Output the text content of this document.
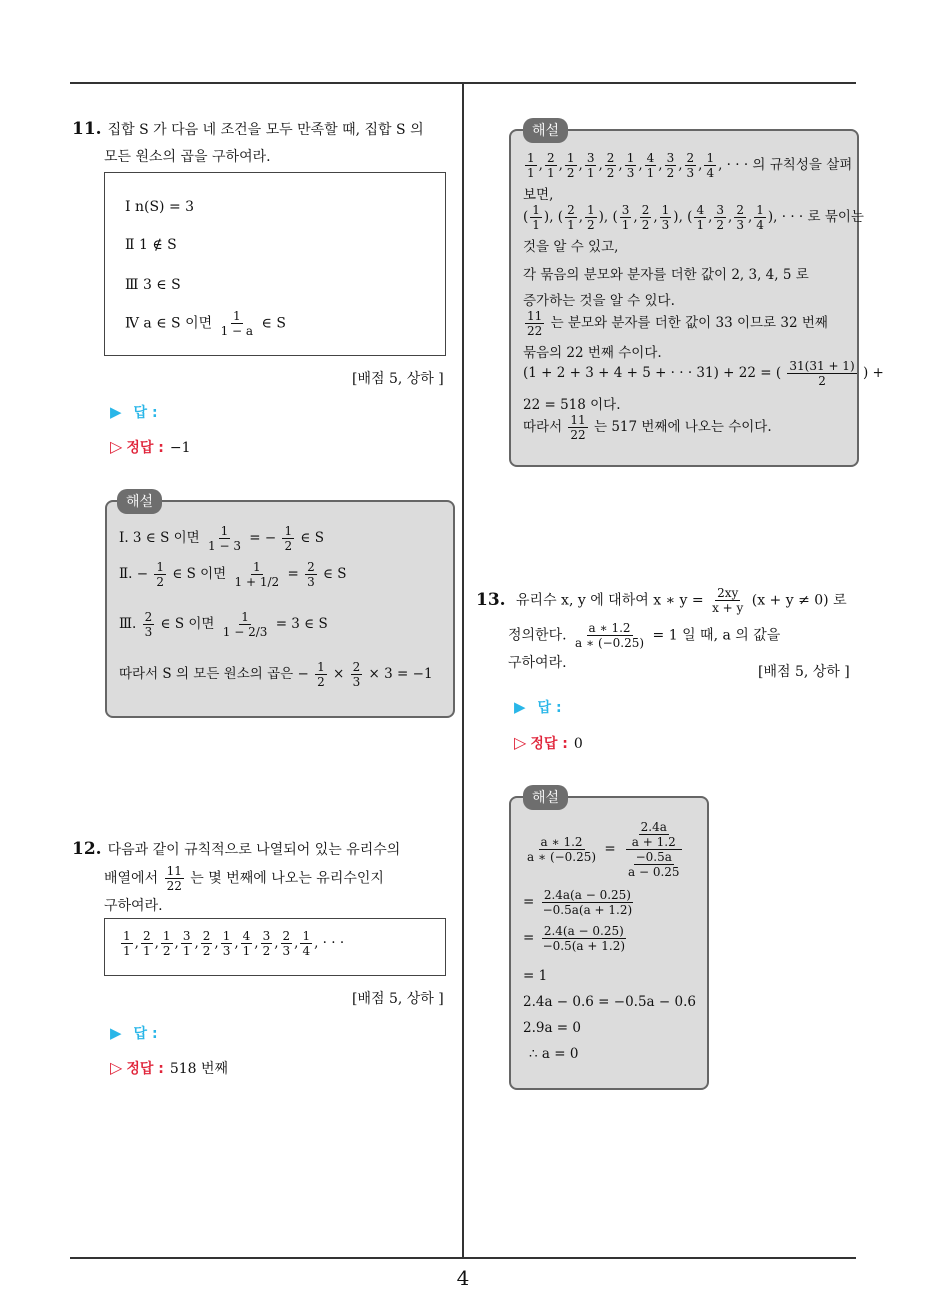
4
11. 집합 S 가 다음 네 조건을 모두 만족할 때, 집합 S 의
모든 원소의 곱을 구하여라.
Ⅰ n(S) = 3
Ⅱ 1 ∉ S
Ⅲ 3 ∈ S
Ⅳ a ∈ S 이면 $\frac{1}{1 - a}$ ∈ S
[배점 5, 상하 ]
▶ 답 :
▷ 정답 : −1
해설
Ⅰ. 3 ∈ S 이면 $\frac{1}{1 - 3}$ = − $\frac{1}{2}$ ∈ S
Ⅱ. − $\frac{1}{2}$ ∈ S 이면 $\frac{1}{1 + 1/2} = \frac{2}{3}$ ∈ S
Ⅲ. $\frac{2}{3}$ ∈ S 이면 $\frac{1}{1 - 2/3} = 3$ ∈ S
따라서 S 의 모든 원소의 곱은 − $\frac{1}{2} \times \frac{2}{3} \times 3 = -1$
12. 다음과 같이 규칙적으로 나열되어 있는 유리수의
배열에서 $\frac{11}{22}$ 는 몇 번째에 나오는 유리수인지
구하여라.
$\frac{1}{1}$ , $\frac{2}{1}$ , $\frac{1}{2}$ , $\frac{3}{1}$ , $\frac{2}{2}$ , $\frac{1}{3}$ , $\frac{4}{1}$ , $\frac{3}{2}$ , $\frac{2}{3}$ , $\frac{1}{4}$ , · · ·
[배점 5, 상하 ]
▶ 답 :
▷ 정답 : 518 번째
해설
$\frac{1}{1}$ , $\frac{2}{1}$ , $\frac{1}{2}$ , $\frac{3}{1}$ , $\frac{2}{2}$ , $\frac{1}{3}$ , $\frac{4}{1}$ , $\frac{3}{2}$ , $\frac{2}{3}$ , $\frac{1}{4}$ , · · · 의 규칙성을 살펴
보면,
( $\frac{1}{1}$ ), ( $\frac{2}{1}$ , $\frac{1}{2}$ ), ( $\frac{3}{1}$ , $\frac{2}{2}$ , $\frac{1}{3}$ ), ( $\frac{4}{1}$ , $\frac{3}{2}$ , $\frac{2}{3}$ , $\frac{1}{4}$ ), · · · 로 묶이는
것을 알 수 있고,
각 묶음의 분모와 분자를 더한 값이 2, 3, 4, 5 로
증가하는 것을 알 수 있다.
$\frac{11}{22}$ 는 분모와 분자를 더한 값이 33 이므로 32 번째
묶음의 22 번째 수이다.
(1 + 2 + 3 + 4 + 5 + · · · 31) + 22 = ( $\frac{31(31 + 1)}{2}$ ) +
22 = 518 이다.
따라서 $\frac{11}{22}$ 는 517 번째에 나오는 수이다.
13. 유리수 x, y 에 대하여 x ∗ $y = \frac{2xy}{x + y} (x + y \ne 0)$ 로
정의한다. $\frac{a ∗ 1.2}{a ∗ (-0.25)} = 1$ 일 때, a 의 값을
구하여라.
[배점 5, 상하 ]
▶ 답 :
▷ 정답 : 0
해설
$\frac{a ∗ 1.2}{a ∗ (-0.25)} = \frac{\frac{2.4a}{a + 1.2}}{\frac{-0.5a}{a - 0.25}}$
= $\frac{2.4a(a - 0.25)}{-0.5a(a + 1.2)}$
= $\frac{2.4(a - 0.25)}{-0.5(a + 1.2)}$
= 1
2.4a − 0.6 = −0.5a − 0.6
2.9a = 0
∴ a = 0
